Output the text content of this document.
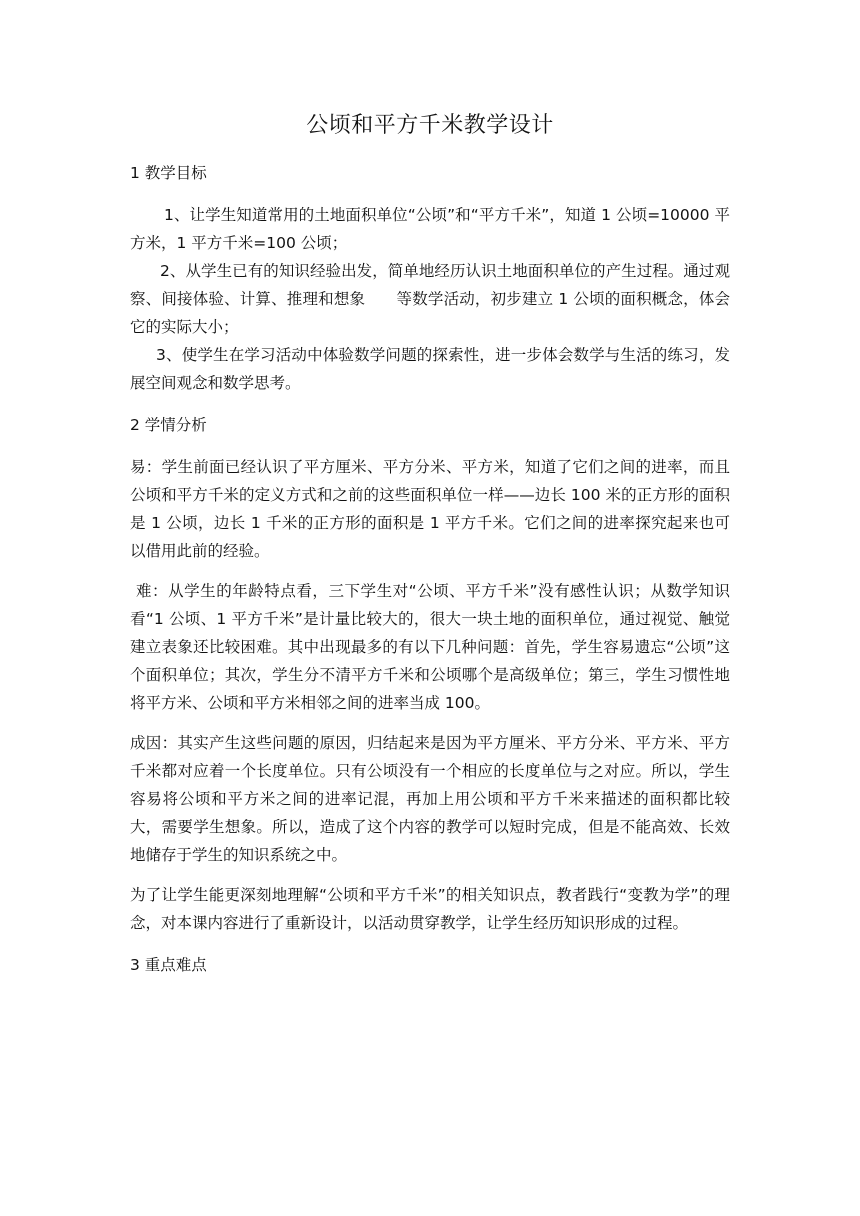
公顷和平方千米教学设计

1 教学目标

1、让学生知道常用的土地面积单位“公顷”和“平方千米”，知道 1 公顷=10000 平方米，1 平方千米=100 公顷；

2、从学生已有的知识经验出发，简单地经历认识土地面积单位的产生过程。通过观察、间接体验、计算、推理和想象　　等数学活动，初步建立 1 公顷的面积概念，体会它的实际大小；

3、使学生在学习活动中体验数学问题的探索性，进一步体会数学与生活的练习，发展空间观念和数学思考。

2 学情分析

易：学生前面已经认识了平方厘米、平方分米、平方米，知道了它们之间的进率，而且公顷和平方千米的定义方式和之前的这些面积单位一样——边长 100 米的正方形的面积是 1 公顷，边长 1 千米的正方形的面积是 1 平方千米。它们之间的进率探究起来也可以借用此前的经验。

难：从学生的年龄特点看，三下学生对“公顷、平方千米”没有感性认识；从数学知识看“1 公顷、1 平方千米”是计量比较大的，很大一块土地的面积单位，通过视觉、触觉建立表象还比较困难。其中出现最多的有以下几种问题：首先，学生容易遗忘“公顷”这个面积单位；其次，学生分不清平方千米和公顷哪个是高级单位；第三，学生习惯性地将平方米、公顷和平方米相邻之间的进率当成 100。

成因：其实产生这些问题的原因，归结起来是因为平方厘米、平方分米、平方米、平方千米都对应着一个长度单位。只有公顷没有一个相应的长度单位与之对应。所以，学生容易将公顷和平方米之间的进率记混，再加上用公顷和平方千米来描述的面积都比较大，需要学生想象。所以，造成了这个内容的教学可以短时完成，但是不能高效、长效地储存于学生的知识系统之中。

为了让学生能更深刻地理解“公顷和平方千米”的相关知识点，教者践行“变教为学”的理念，对本课内容进行了重新设计，以活动贯穿教学，让学生经历知识形成的过程。

3 重点难点
